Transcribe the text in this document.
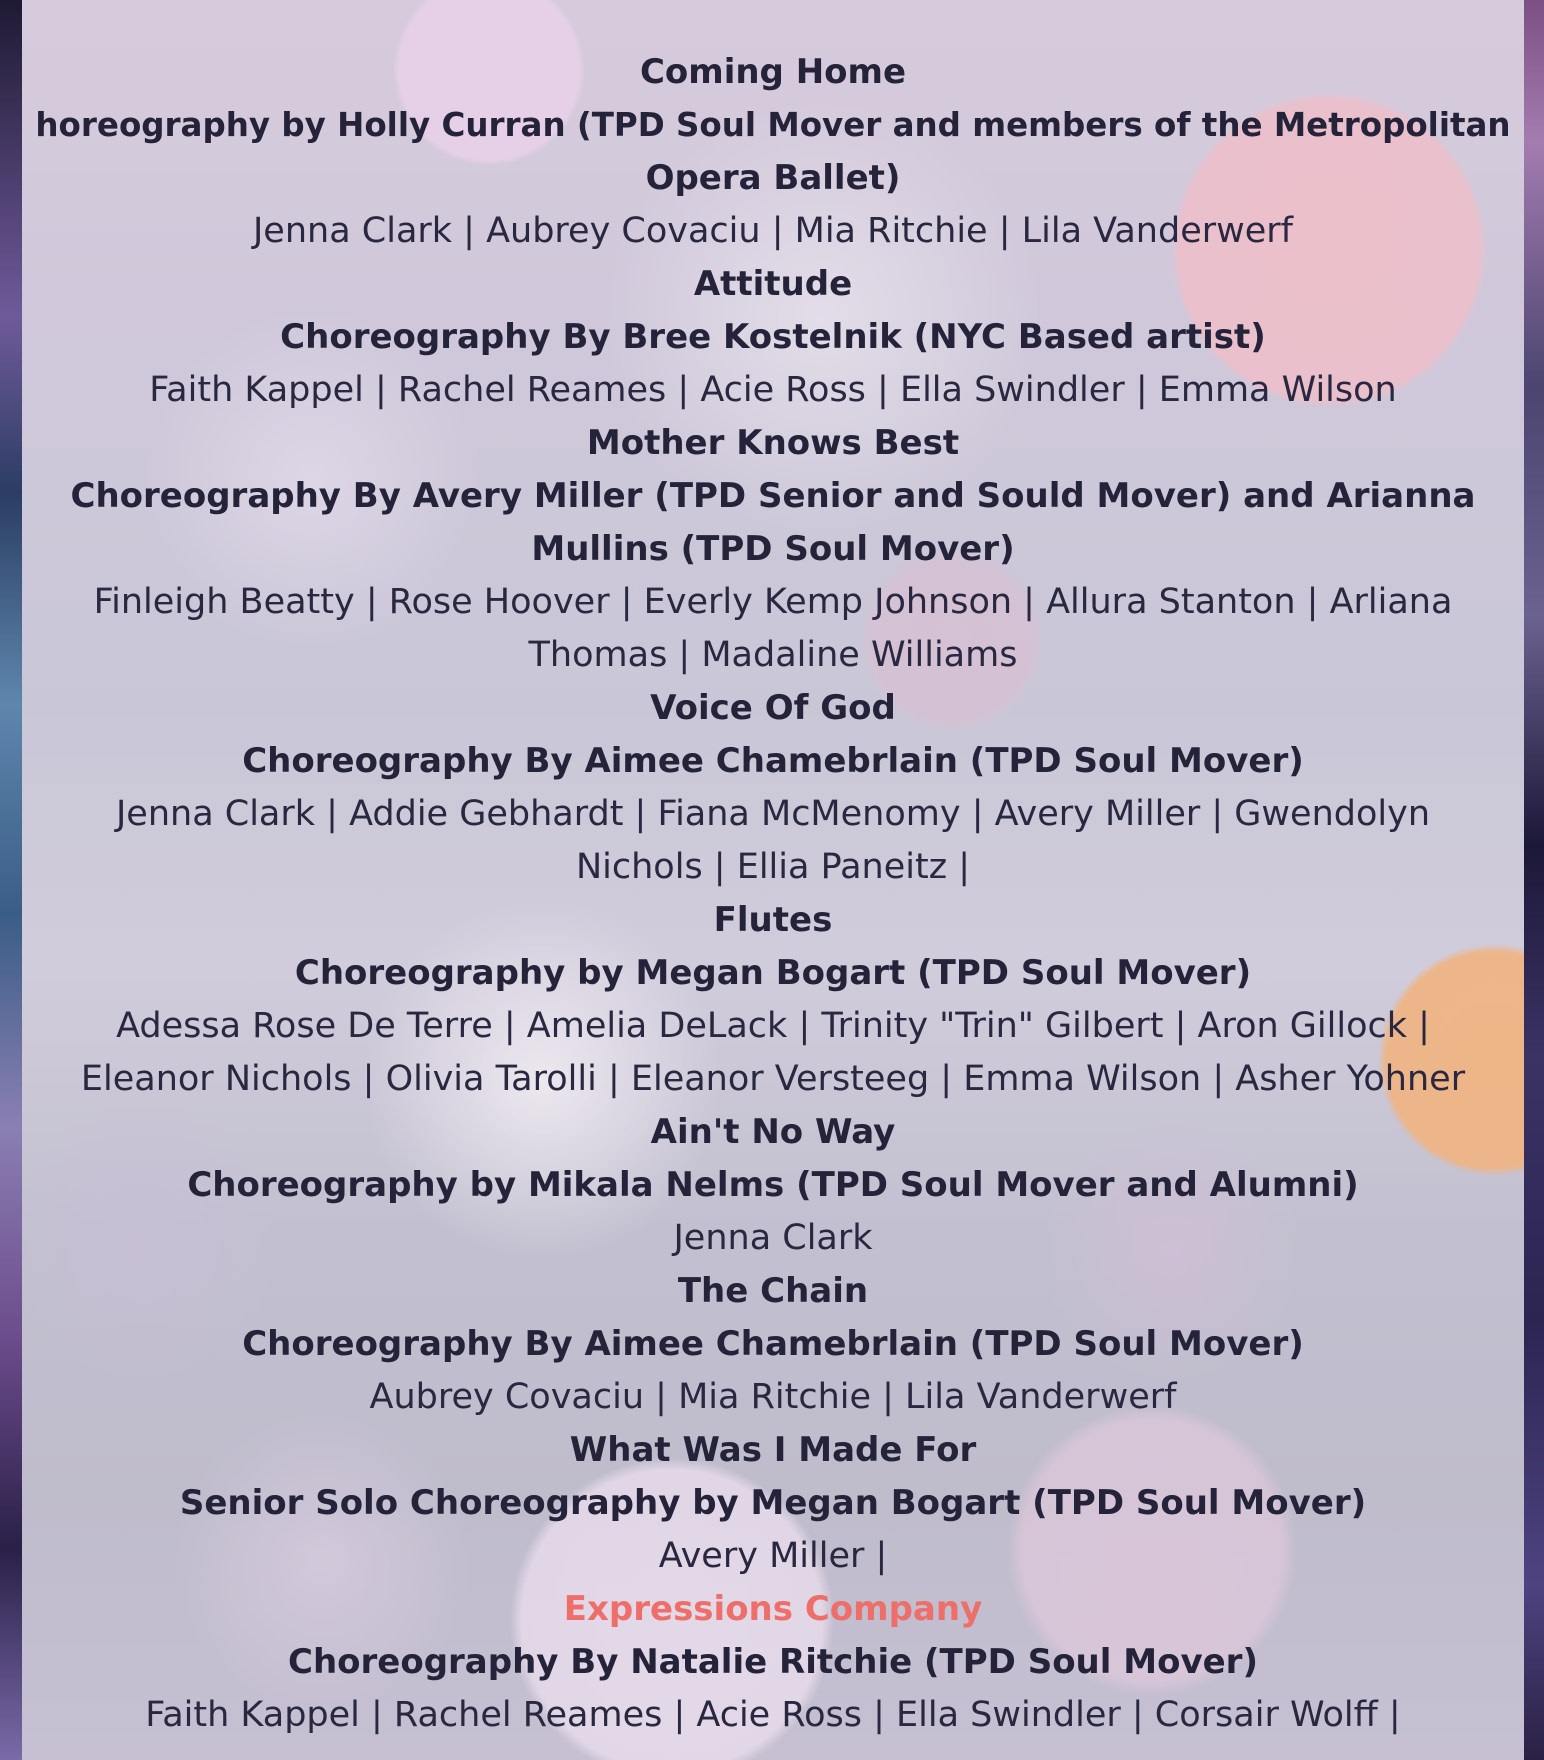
Coming Home
horeography by Holly Curran (TPD Soul Mover and members of the Metropolitan
Opera Ballet)
Jenna Clark | Aubrey Covaciu | Mia Ritchie | Lila Vanderwerf
Attitude
Choreography By Bree Kostelnik (NYC Based artist)
Faith Kappel | Rachel Reames | Acie Ross | Ella Swindler | Emma Wilson
Mother Knows Best
Choreography By Avery Miller (TPD Senior and Sould Mover) and Arianna
Mullins (TPD Soul Mover)
Finleigh Beatty | Rose Hoover | Everly Kemp Johnson | Allura Stanton | Arliana
Thomas | Madaline Williams
Voice Of God
Choreography By Aimee Chamebrlain (TPD Soul Mover)
Jenna Clark | Addie Gebhardt | Fiana McMenomy | Avery Miller | Gwendolyn
Nichols | Ellia Paneitz |
Flutes
Choreography by Megan Bogart (TPD Soul Mover)
Adessa Rose De Terre | Amelia DeLack | Trinity "Trin" Gilbert | Aron Gillock |
Eleanor Nichols | Olivia Tarolli | Eleanor Versteeg | Emma Wilson | Asher Yohner
Ain't No Way
Choreography by Mikala Nelms (TPD Soul Mover and Alumni)
Jenna Clark
The Chain
Choreography By Aimee Chamebrlain (TPD Soul Mover)
Aubrey Covaciu | Mia Ritchie | Lila Vanderwerf
What Was I Made For
Senior Solo Choreography by Megan Bogart (TPD Soul Mover)
Avery Miller |
Expressions Company
Choreography By Natalie Ritchie (TPD Soul Mover)
Faith Kappel | Rachel Reames | Acie Ross | Ella Swindler | Corsair Wolff |
